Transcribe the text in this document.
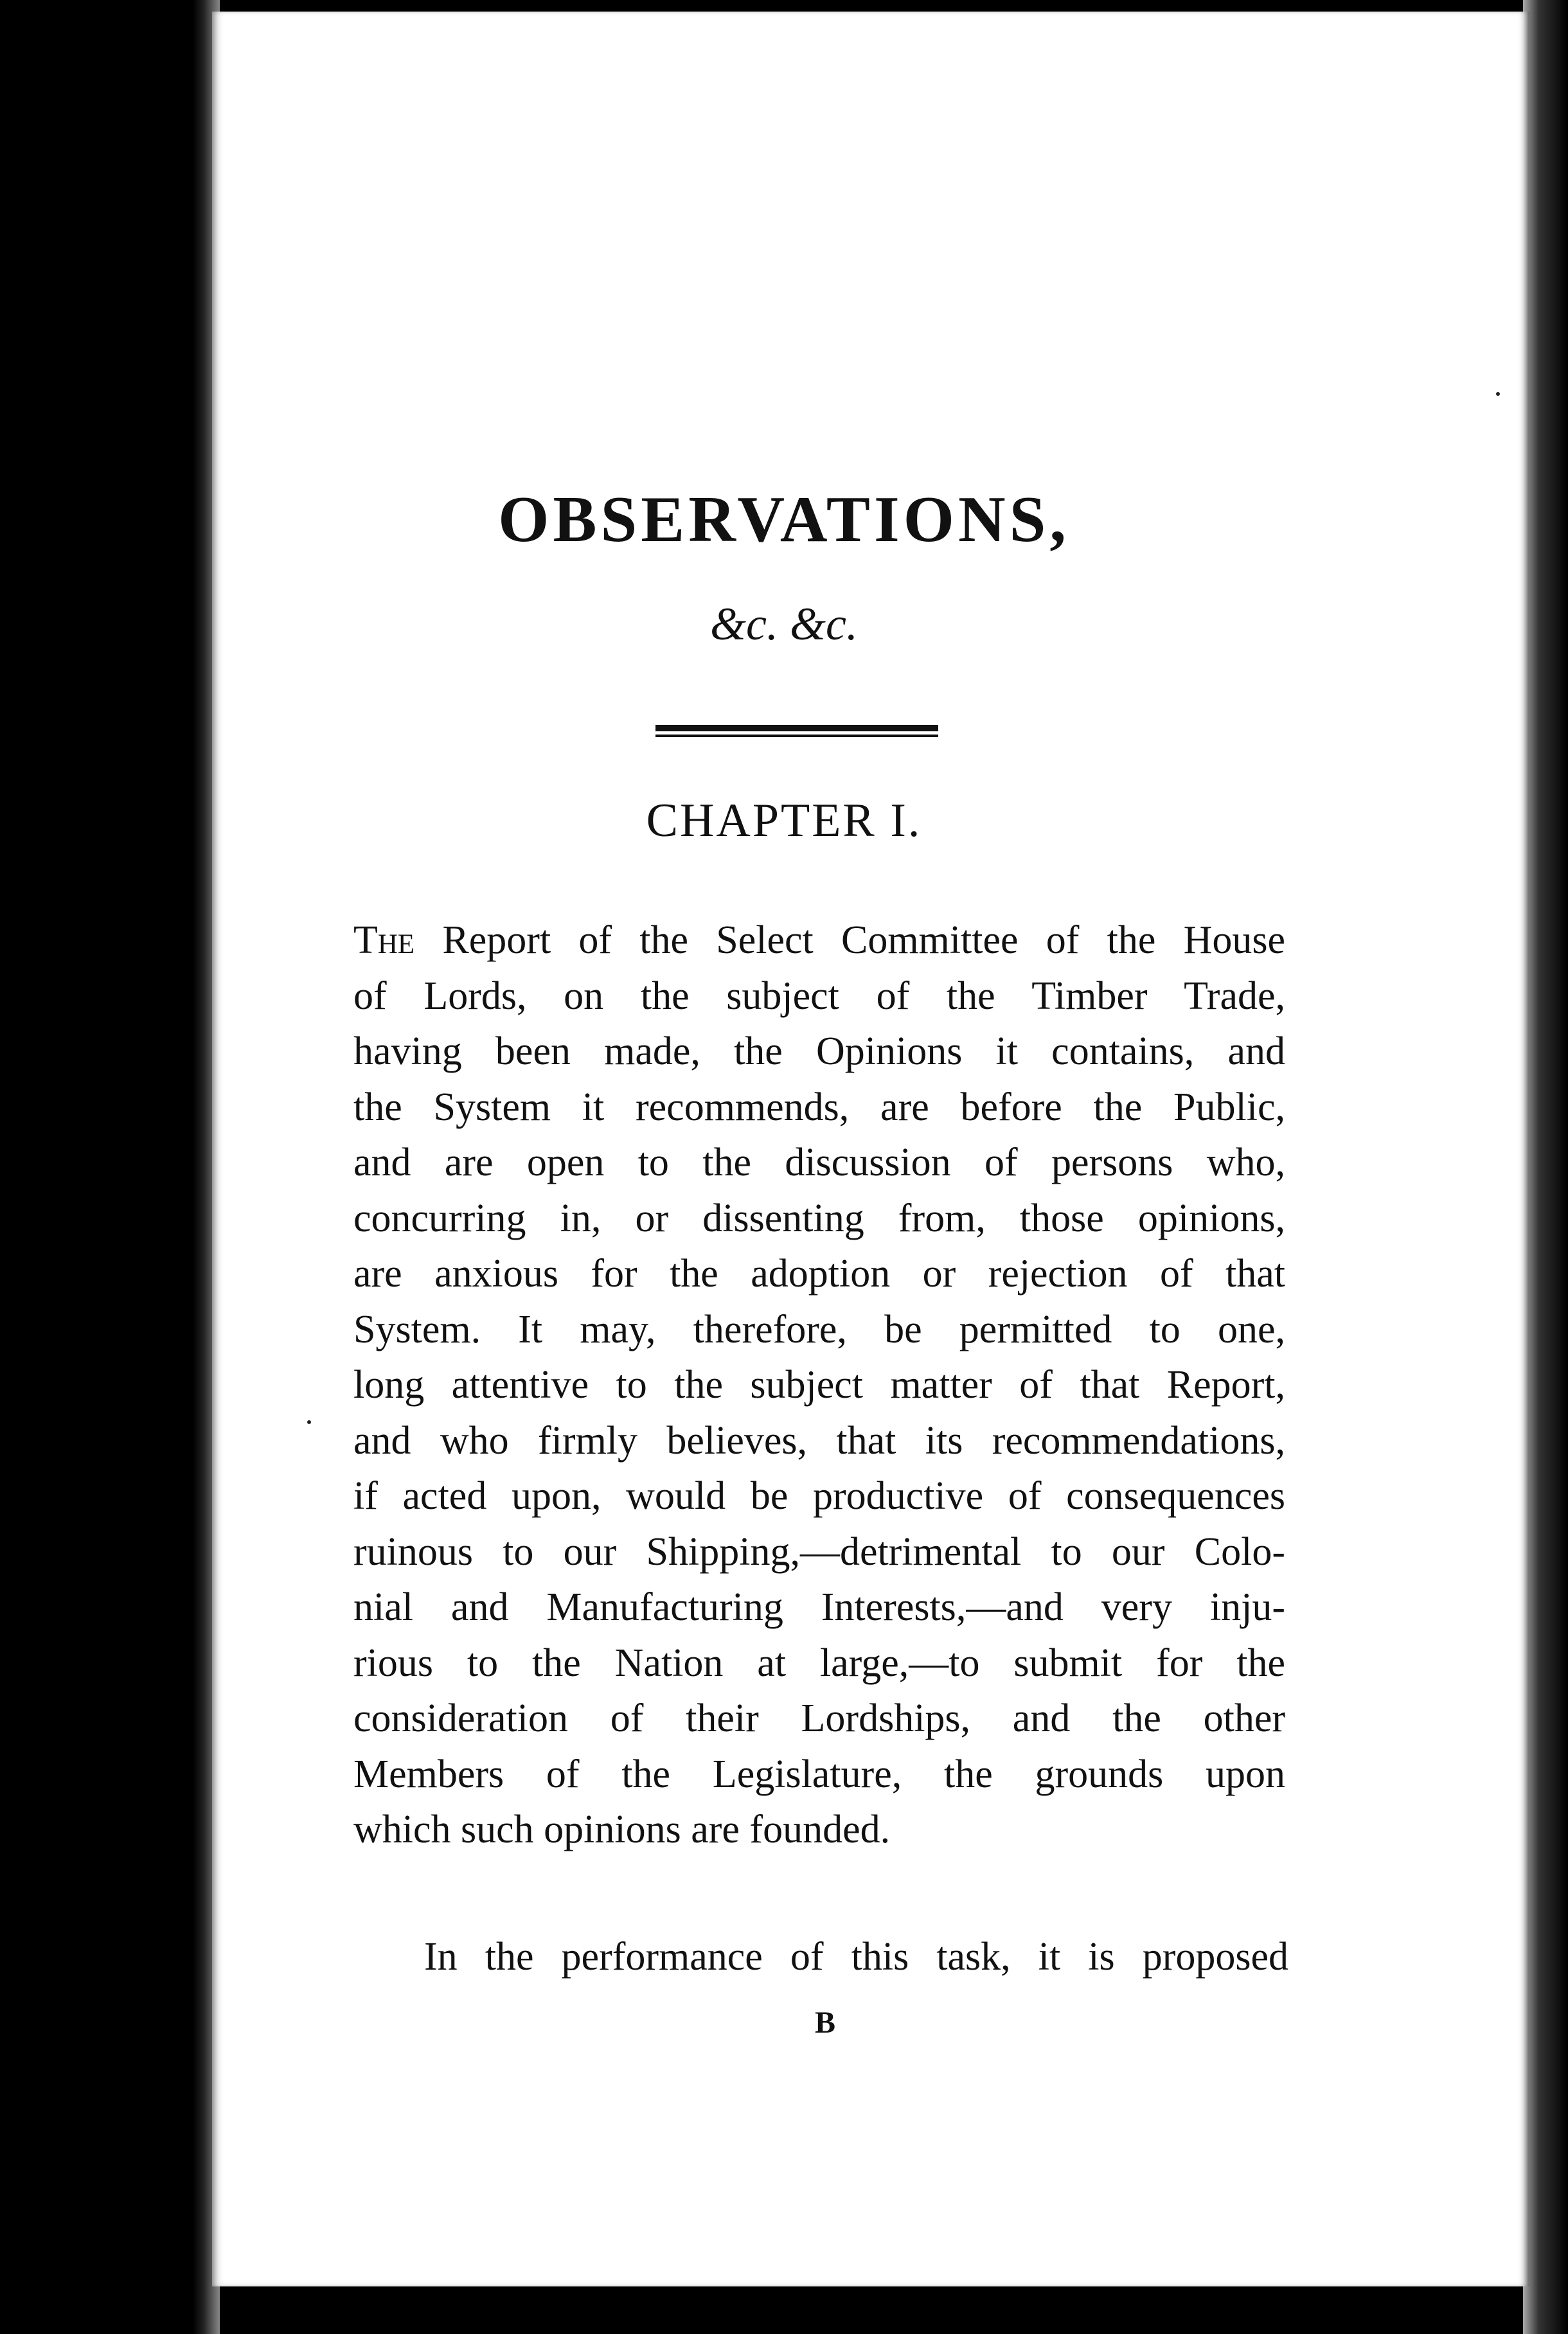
OBSERVATIONS,
&c. &c.
CHAPTER I.
The Report of the Select Committee of the House
of Lords, on the subject of the Timber Trade,
having been made, the Opinions it contains, and
the System it recommends, are before the Public,
and are open to the discussion of persons who,
concurring in, or dissenting from, those opinions,
are anxious for the adoption or rejection of that
System. It may, therefore, be permitted to one,
long attentive to the subject matter of that Report,
and who firmly believes, that its recommendations,
if acted upon, would be productive of consequences
ruinous to our Shipping,—detrimental to our Colo-
nial and Manufacturing Interests,—and very inju-
rious to the Nation at large,—to submit for the
consideration of their Lordships, and the other
Members of the Legislature, the grounds upon
which such opinions are founded.
In the performance of this task, it is proposed
B
